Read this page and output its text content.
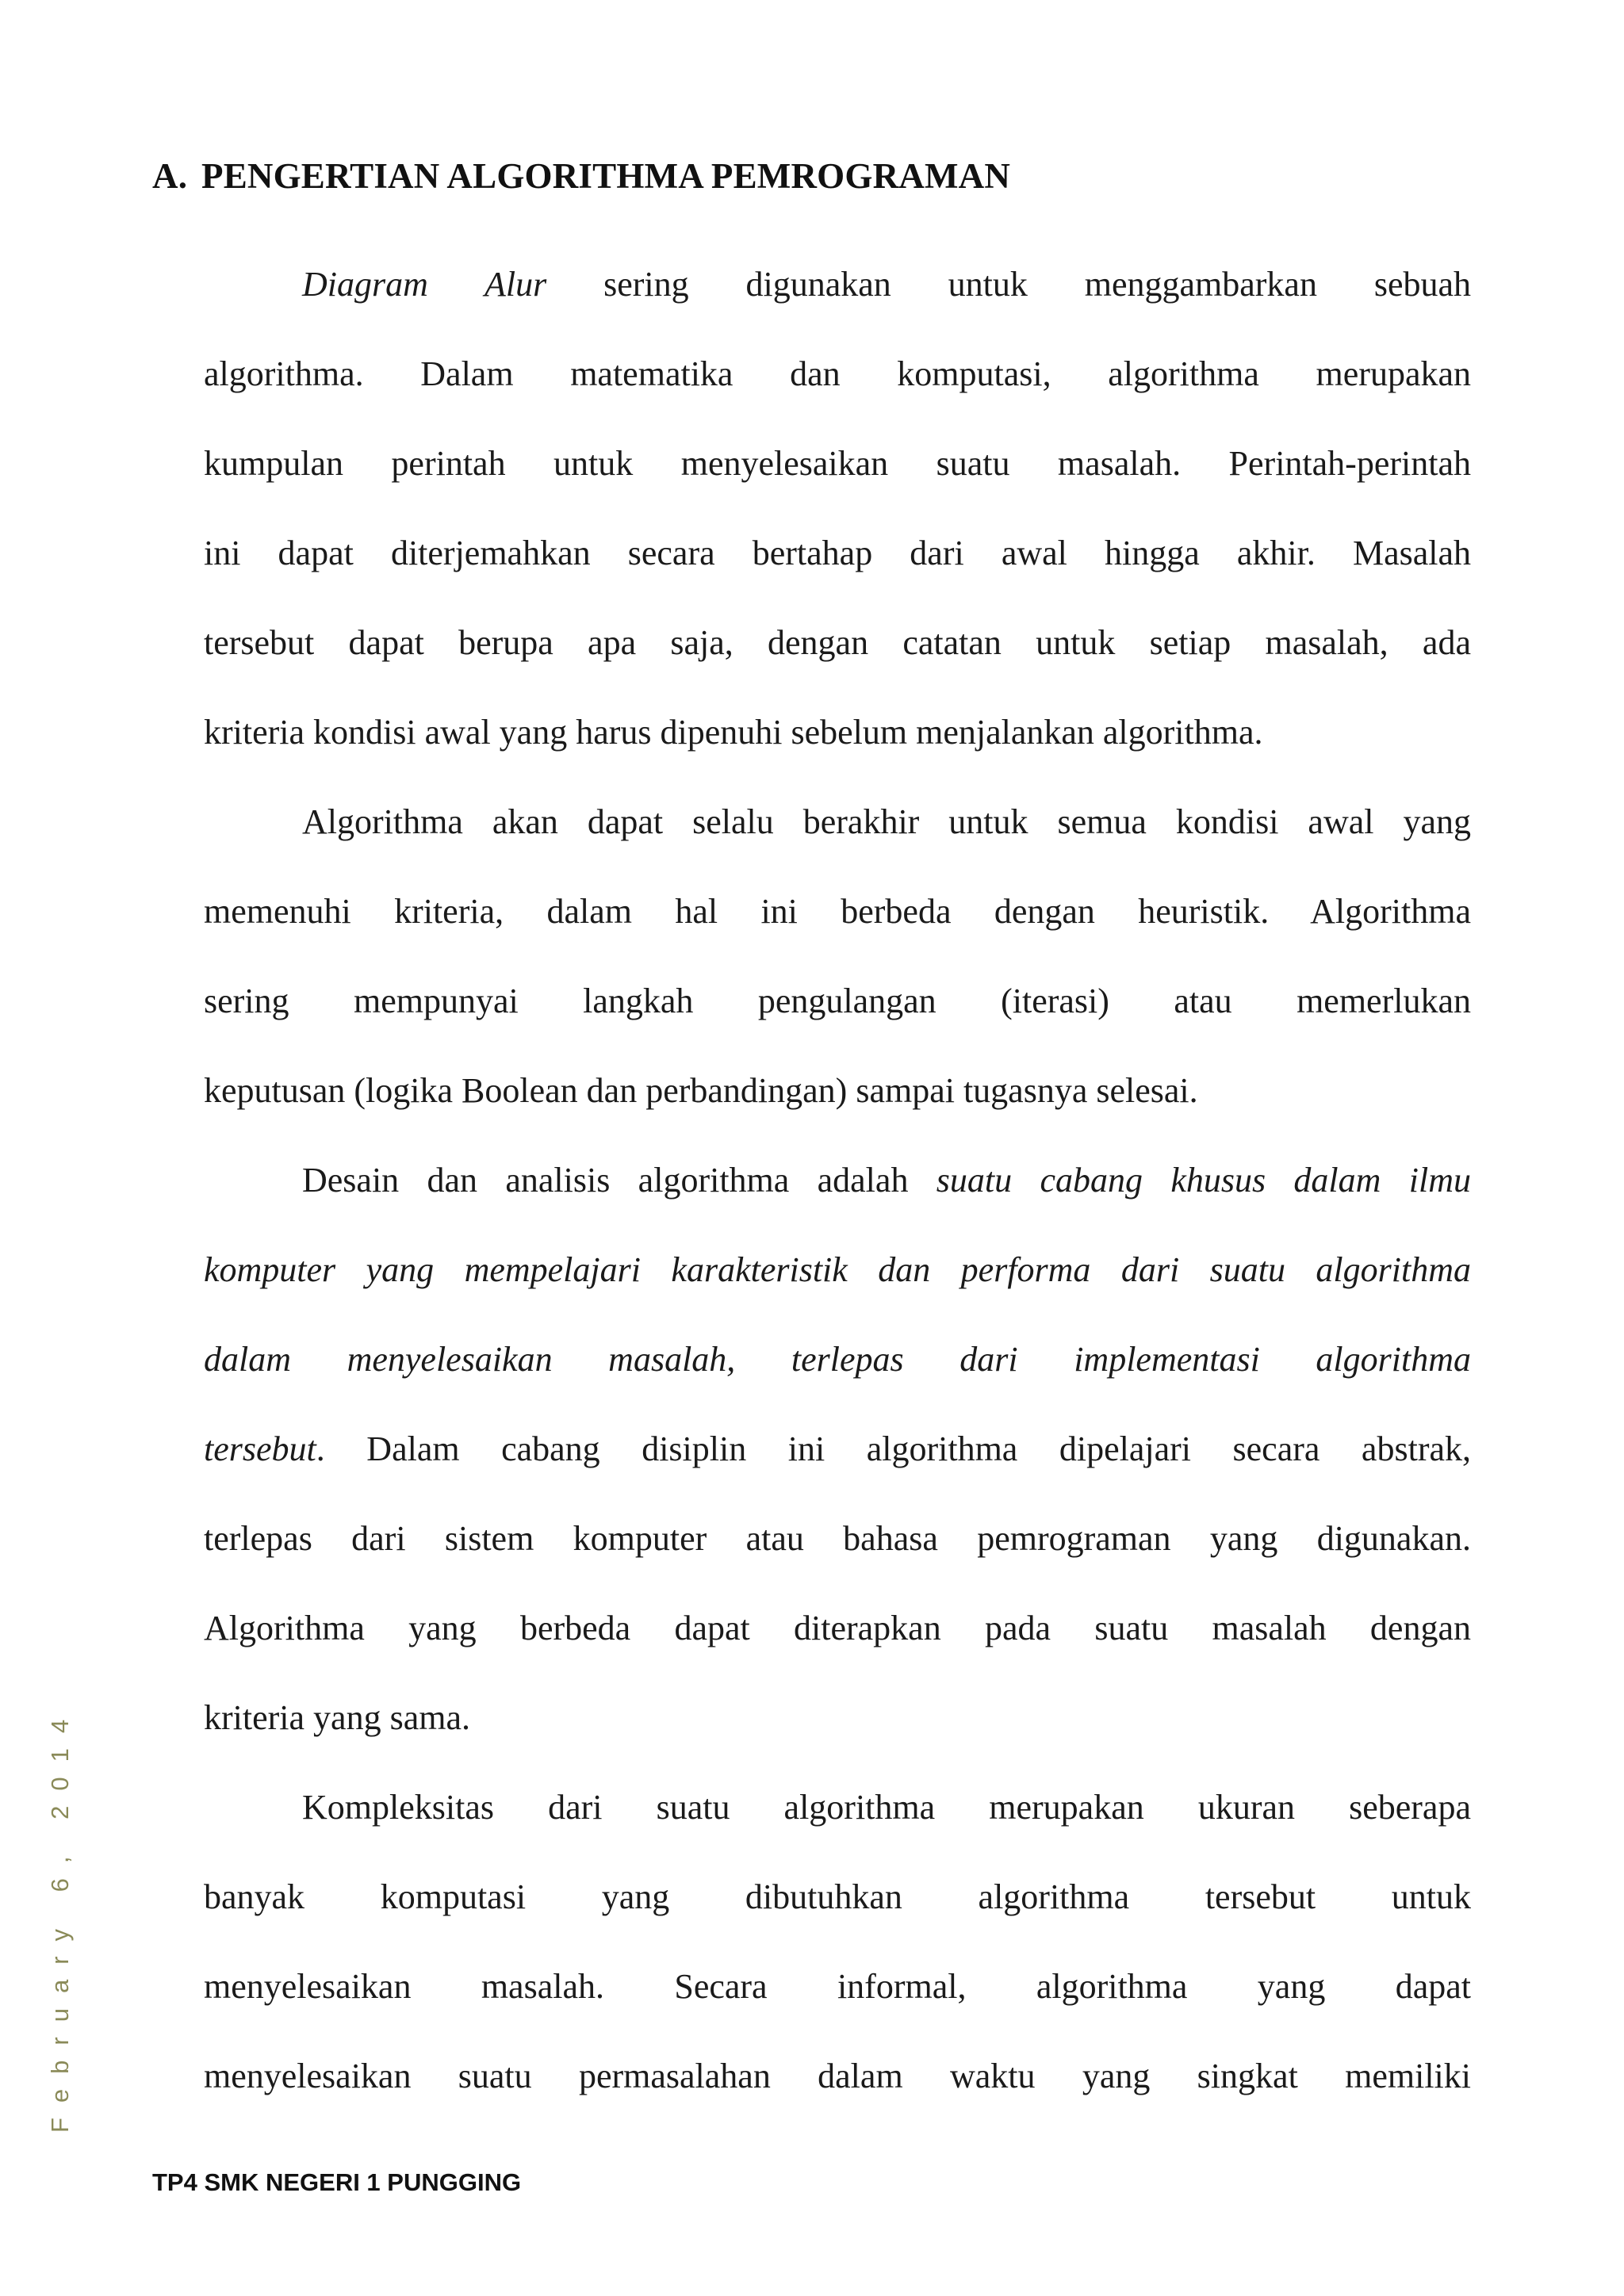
A. PENGERTIAN ALGORITHMA PEMROGRAMAN
Diagram Alur sering digunakan untuk menggambarkan sebuah
algorithma. Dalam matematika dan komputasi, algorithma merupakan
kumpulan perintah untuk menyelesaikan suatu masalah. Perintah-perintah
ini dapat diterjemahkan secara bertahap dari awal hingga akhir. Masalah
tersebut dapat berupa apa saja, dengan catatan untuk setiap masalah, ada
kriteria kondisi awal yang harus dipenuhi sebelum menjalankan algorithma.
Algorithma akan dapat selalu berakhir untuk semua kondisi awal yang
memenuhi kriteria, dalam hal ini berbeda dengan heuristik. Algorithma
sering mempunyai langkah pengulangan (iterasi) atau memerlukan
keputusan (logika Boolean dan perbandingan) sampai tugasnya selesai.
Desain dan analisis algorithma adalah suatu cabang khusus dalam ilmu
komputer yang mempelajari karakteristik dan performa dari suatu algorithma
dalam menyelesaikan masalah, terlepas dari implementasi algorithma
tersebut. Dalam cabang disiplin ini algorithma dipelajari secara abstrak,
terlepas dari sistem komputer atau bahasa pemrograman yang digunakan.
Algorithma yang berbeda dapat diterapkan pada suatu masalah dengan
kriteria yang sama.
Kompleksitas dari suatu algorithma merupakan ukuran seberapa
banyak komputasi yang dibutuhkan algorithma tersebut untuk
menyelesaikan masalah. Secara informal, algorithma yang dapat
menyelesaikan suatu permasalahan dalam waktu yang singkat memiliki
February 6, 2014
TP4 SMK NEGERI 1 PUNGGING
